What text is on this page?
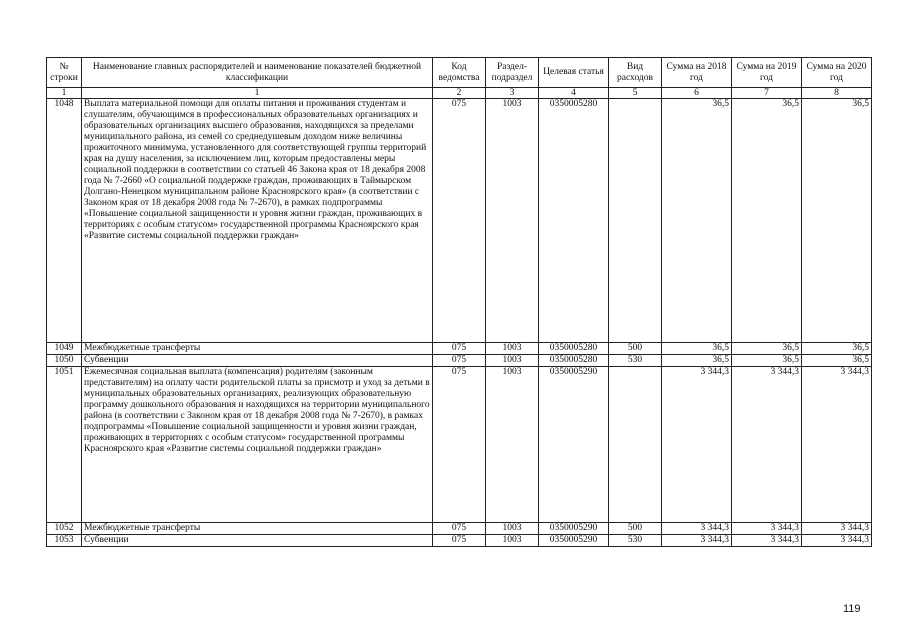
№ строки	Наименование главных распорядителей и наименование показателей бюджетной классификации	Код ведомства	Раздел-подраздел	Целевая статья	Вид расходов	Сумма на 2018 год	Сумма на 2019 год	Сумма на 2020 год
1	1	2	3	4	5	6	7	8
1048	Выплата материальной помощи для оплаты питания и проживания студентам и слушателям, обучающимся в профессиональных образовательных организациях и образовательных организациях высшего образования, находящихся за пределами муниципального района, из семей со среднедушевым доходом ниже величины прожиточного минимума, установленного для соответствующей группы территорий края на душу населения, за исключением лиц, которым предоставлены меры социальной поддержки в соответствии со статьей 46 Закона края от 18 декабря 2008 года № 7-2660 «О социальной поддержке граждан, проживающих в Таймырском Долгано-Ненецком муниципальном районе Красноярского края» (в соответствии с Законом края от 18 декабря 2008 года № 7-2670), в рамках подпрограммы «Повышение социальной защищенности и уровня жизни граждан, проживающих в территориях с особым статусом» государственной программы Красноярского края «Развитие системы социальной поддержки граждан»	075	1003	0350005280		36,5	36,5	36,5
1049	Межбюджетные трансферты	075	1003	0350005280	500	36,5	36,5	36,5
1050	Субвенции	075	1003	0350005280	530	36,5	36,5	36,5
1051	Ежемесячная социальная выплата (компенсация) родителям (законным представителям) на оплату части родительской платы за присмотр и уход за детьми в муниципальных образовательных организациях, реализующих образовательную программу дошкольного образования и находящихся на территории муниципального района (в соответствии с Законом края от 18 декабря 2008 года № 7-2670), в рамках подпрограммы «Повышение социальной защищенности и уровня жизни граждан, проживающих в территориях с особым статусом» государственной программы Красноярского края «Развитие системы социальной поддержки граждан»	075	1003	0350005290		3 344,3	3 344,3	3 344,3
1052	Межбюджетные трансферты	075	1003	0350005290	500	3 344,3	3 344,3	3 344,3
1053	Субвенции	075	1003	0350005290	530	3 344,3	3 344,3	3 344,3
119
